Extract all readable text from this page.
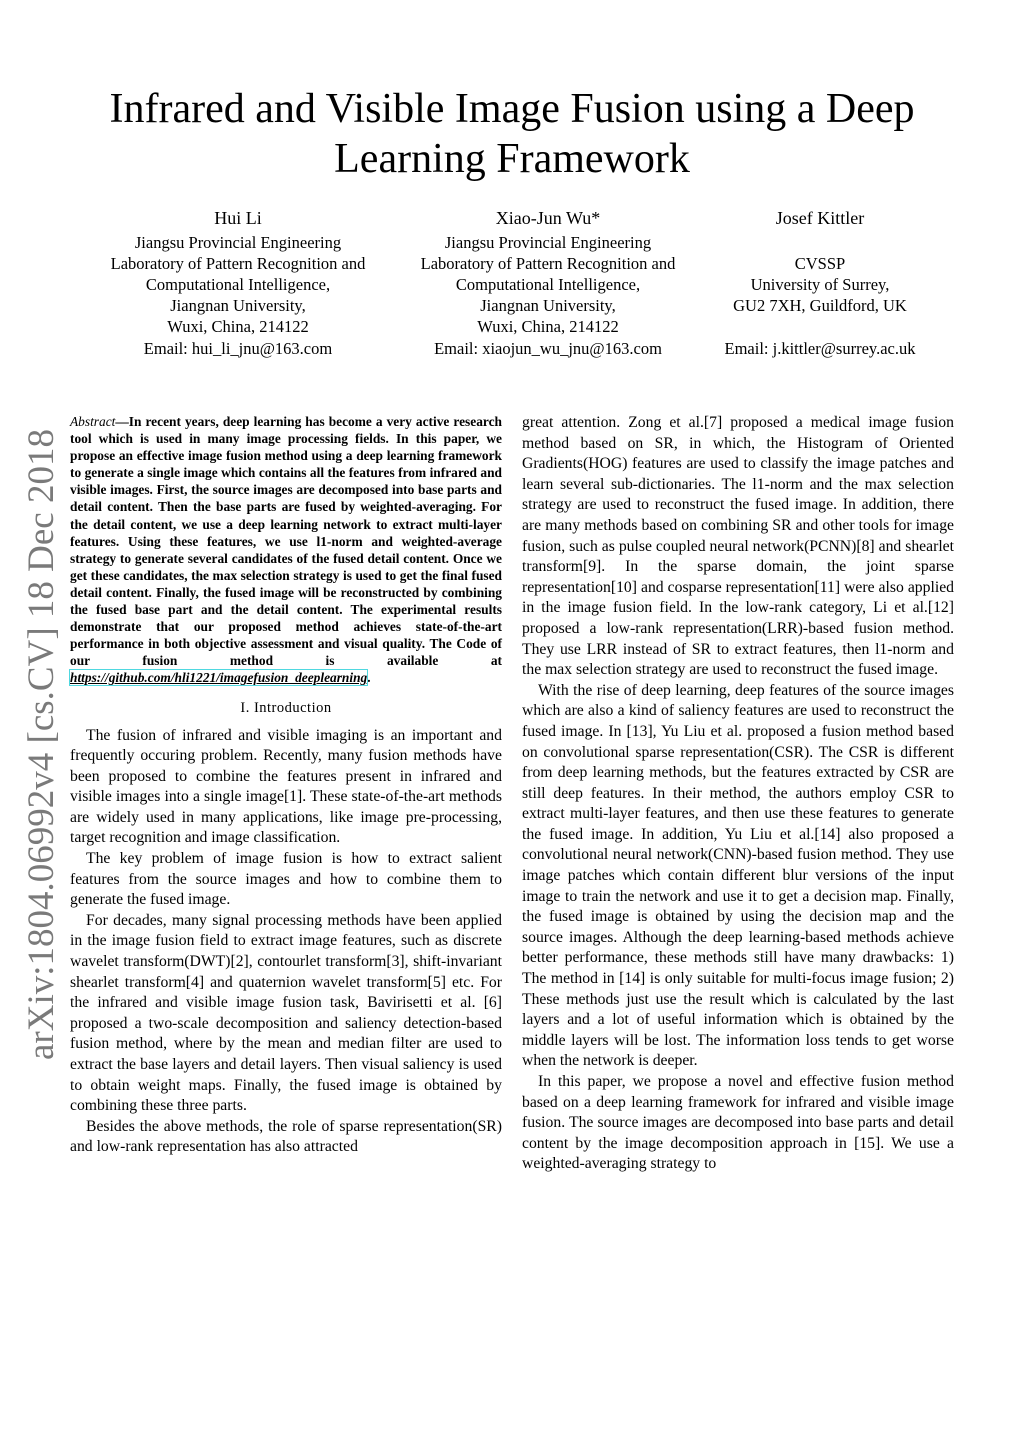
Infrared and Visible Image Fusion using a Deep Learning Framework
Hui Li
Jiangsu Provincial Engineering
Laboratory of Pattern Recognition and
Computational Intelligence,
Jiangnan University,
Wuxi, China, 214122
Email: hui_li_jnu@163.com
Xiao-Jun Wu*
Jiangsu Provincial Engineering
Laboratory of Pattern Recognition and
Computational Intelligence,
Jiangnan University,
Wuxi, China, 214122
Email: xiaojun_wu_jnu@163.com
Josef Kittler
CVSSP
University of Surrey,
GU2 7XH, Guildford, UK
Email: j.kittler@surrey.ac.uk
arXiv:1804.06992v4 [cs.CV] 18 Dec 2018

Abstract—In recent years, deep learning has become a very active research tool which is used in many image processing fields. In this paper, we propose an effective image fusion method using a deep learning framework to generate a single image which contains all the features from infrared and visible images. First, the source images are decomposed into base parts and detail content. Then the base parts are fused by weighted-averaging. For the detail content, we use a deep learning network to extract multi-layer features. Using these features, we use l1-norm and weighted-average strategy to generate several candidates of the fused detail content. Once we get these candidates, the max selection strategy is used to get the final fused detail content. Finally, the fused image will be reconstructed by combining the fused base part and the detail content. The experimental results demonstrate that our proposed method achieves state-of-the-art performance in both objective assessment and visual quality. The Code of our fusion method is available at https://github.com/hli1221/imagefusion_deeplearning.

I. Introduction

The fusion of infrared and visible imaging is an important and frequently occuring problem. Recently, many fusion methods have been proposed to combine the features present in infrared and visible images into a single image[1]. These state-of-the-art methods are widely used in many applications, like image pre-processing, target recognition and image classification.

The key problem of image fusion is how to extract salient features from the source images and how to combine them to generate the fused image.

For decades, many signal processing methods have been applied in the image fusion field to extract image features, such as discrete wavelet transform(DWT)[2], contourlet transform[3], shift-invariant shearlet transform[4] and quaternion wavelet transform[5] etc. For the infrared and visible image fusion task, Bavirisetti et al. [6] proposed a two-scale decomposition and saliency detection-based fusion method, where by the mean and median filter are used to extract the base layers and detail layers. Then visual saliency is used to obtain weight maps. Finally, the fused image is obtained by combining these three parts.

Besides the above methods, the role of sparse representation(SR) and low-rank representation has also attracted

great attention. Zong et al.[7] proposed a medical image fusion method based on SR, in which, the Histogram of Oriented Gradients(HOG) features are used to classify the image patches and learn several sub-dictionaries. The l1-norm and the max selection strategy are used to reconstruct the fused image. In addition, there are many methods based on combining SR and other tools for image fusion, such as pulse coupled neural network(PCNN)[8] and shearlet transform[9]. In the sparse domain, the joint sparse representation[10] and cosparse representation[11] were also applied in the image fusion field. In the low-rank category, Li et al.[12] proposed a low-rank representation(LRR)-based fusion method. They use LRR instead of SR to extract features, then l1-norm and the max selection strategy are used to reconstruct the fused image.

With the rise of deep learning, deep features of the source images which are also a kind of saliency features are used to reconstruct the fused image. In [13], Yu Liu et al. proposed a fusion method based on convolutional sparse representation(CSR). The CSR is different from deep learning methods, but the features extracted by CSR are still deep features. In their method, the authors employ CSR to extract multi-layer features, and then use these features to generate the fused image. In addition, Yu Liu et al.[14] also proposed a convolutional neural network(CNN)-based fusion method. They use image patches which contain different blur versions of the input image to train the network and use it to get a decision map. Finally, the fused image is obtained by using the decision map and the source images. Although the deep learning-based methods achieve better performance, these methods still have many drawbacks: 1) The method in [14] is only suitable for multi-focus image fusion; 2) These methods just use the result which is calculated by the last layers and a lot of useful information which is obtained by the middle layers will be lost. The information loss tends to get worse when the network is deeper.

In this paper, we propose a novel and effective fusion method based on a deep learning framework for infrared and visible image fusion. The source images are decomposed into base parts and detail content by the image decomposition approach in [15]. We use a weighted-averaging strategy to
